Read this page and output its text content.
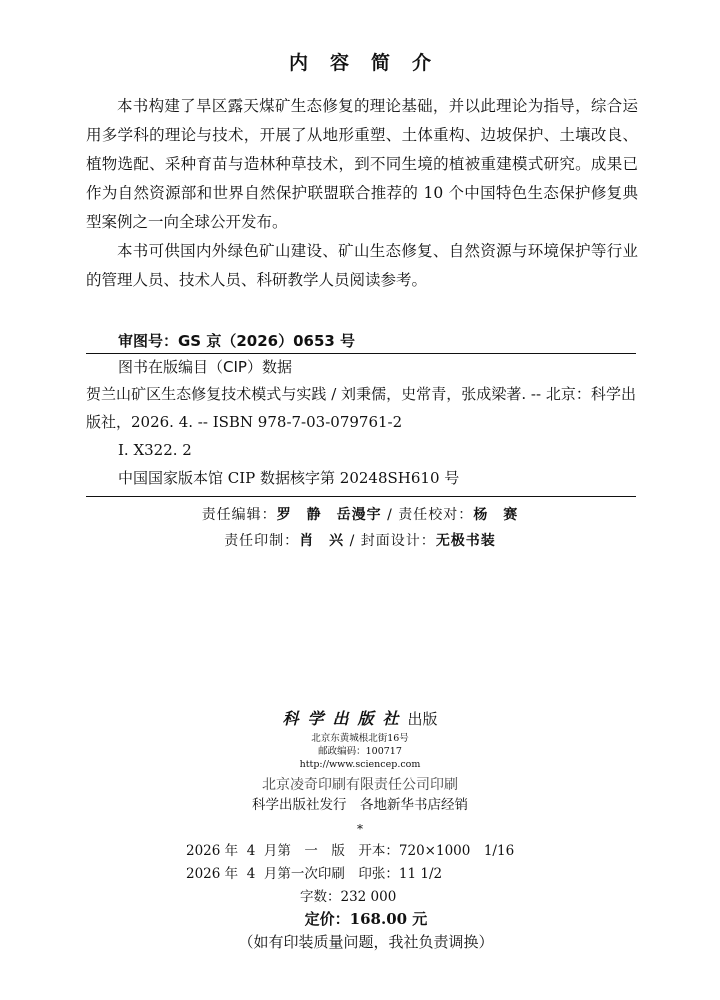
内容简介

本书构建了旱区露天煤矿生态修复的理论基础，并以此理论为指导，综合运用多学科的理论与技术，开展了从地形重塑、土体重构、边坡保护、土壤改良、植物选配、采种育苗与造林种草技术，到不同生境的植被重建模式研究。成果已作为自然资源部和世界自然保护联盟联合推荐的 10 个中国特色生态保护修复典型案例之一向全球公开发布。

本书可供国内外绿色矿山建设、矿山生态修复、自然资源与环境保护等行业的管理人员、技术人员、科研教学人员阅读参考。

审图号：GS 京（2026）0653 号
图书在版编目（CIP）数据
贺兰山矿区生态修复技术模式与实践 / 刘秉儒，史常青，张成梁著. -- 北京：科学出版社，2026. 4. -- ISBN 978-7-03-079761-2
Ⅰ. X322. 2
中国国家版本馆 CIP 数据核字第 20248SH610 号
责任编辑：罗　静　岳漫宇 / 责任校对：杨　赛
责任印制：肖　兴 / 封面设计：无极书装
科学出版社出版
北京东黄城根北街16号
邮政编码：100717
http://www.sciencep.com
北京凌奇印刷有限责任公司印刷
科学出版社发行　各地新华书店经销
*
2026 年  4  月第　一　版　开本：720×1000　1/16
2026 年  4  月第一次印刷　印张：11 1/2
字数：232 000
定价：168.00 元
（如有印装质量问题，我社负责调换）
